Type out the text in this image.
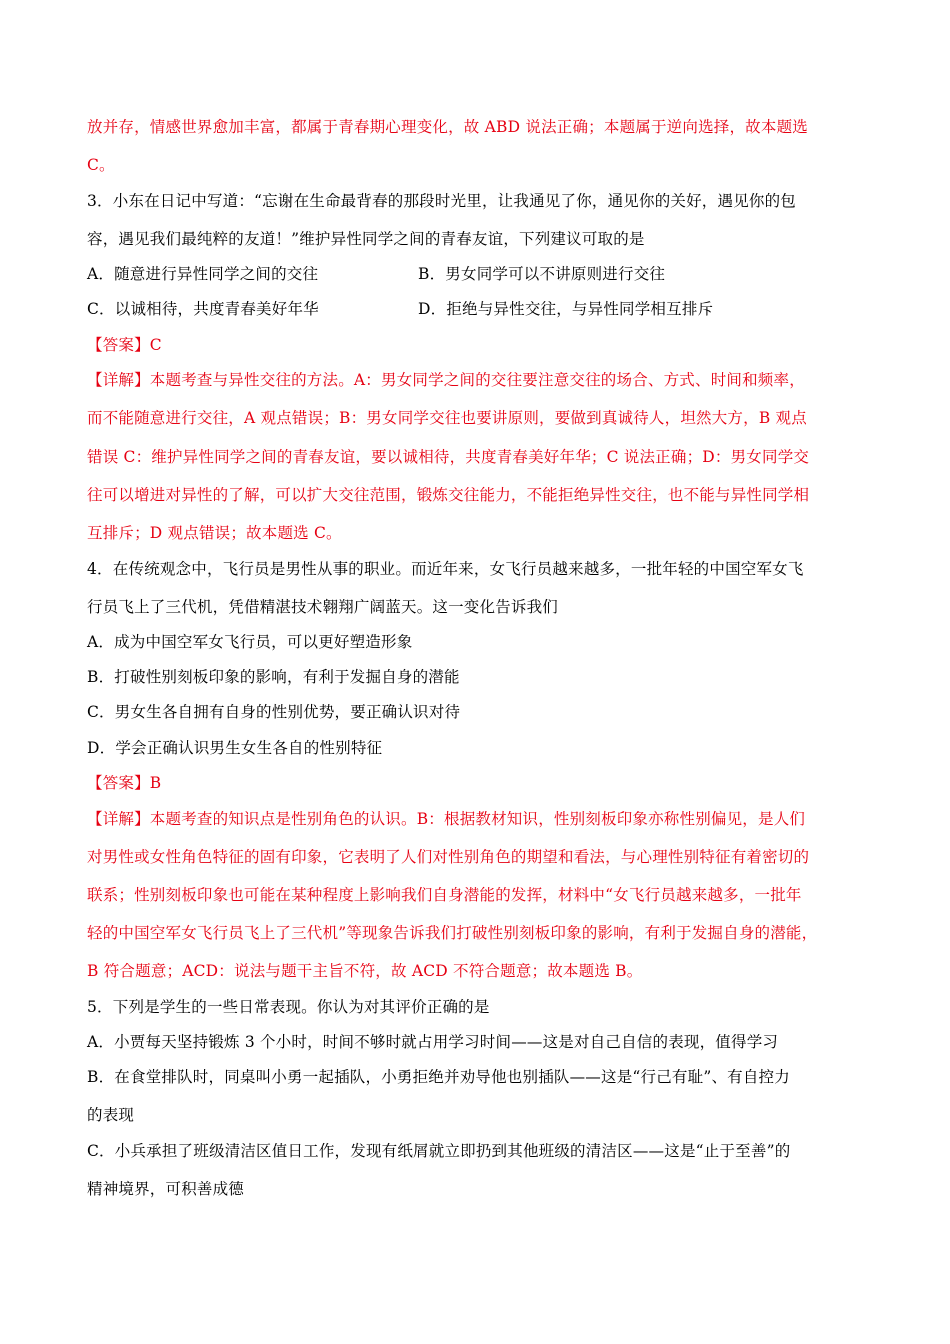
放并存，情感世界愈加丰富，都属于青春期心理变化，故 ABD 说法正确；本题属于逆向选择，故本题选
C。
3．小东在日记中写道：“忘谢在生命最背春的那段时光里，让我通见了你，通见你的关好，遇见你的包
容，遇见我们最纯粹的友道！”维护异性同学之间的青春友谊，下列建议可取的是
A．随意进行异性同学之间的交往	B．男女同学可以不讲原则进行交往
C．以诚相待，共度青春美好年华	D．拒绝与异性交往，与异性同学相互排斥
【答案】C
【详解】本题考查与异性交往的方法。A：男女同学之间的交往要注意交往的场合、方式、时间和频率，
而不能随意进行交往，A 观点错误；B：男女同学交往也要讲原则，要做到真诚待人，坦然大方，B 观点
错误 C：维护异性同学之间的青春友谊，要以诚相待，共度青春美好年华；C 说法正确；D：男女同学交
往可以增进对异性的了解，可以扩大交往范围，锻炼交往能力，不能拒绝异性交往，也不能与异性同学相
互排斥；D 观点错误；故本题选 C。
4．在传统观念中，飞行员是男性从事的职业。而近年来，女飞行员越来越多，一批年轻的中国空军女飞
行员飞上了三代机，凭借精湛技术翱翔广阔蓝天。这一变化告诉我们
A．成为中国空军女飞行员，可以更好塑造形象
B．打破性别刻板印象的影响，有利于发掘自身的潜能
C．男女生各自拥有自身的性别优势，要正确认识对待
D．学会正确认识男生女生各自的性别特征
【答案】B
【详解】本题考查的知识点是性别角色的认识。B：根据教材知识，性别刻板印象亦称性别偏见，是人们
对男性或女性角色特征的固有印象，它表明了人们对性别角色的期望和看法，与心理性别特征有着密切的
联系；性别刻板印象也可能在某种程度上影响我们自身潜能的发挥，材料中“女飞行员越来越多，一批年
轻的中国空军女飞行员飞上了三代机”等现象告诉我们打破性别刻板印象的影响，有利于发掘自身的潜能，
B 符合题意；ACD：说法与题干主旨不符，故 ACD 不符合题意；故本题选 B。
5．下列是学生的一些日常表现。你认为对其评价正确的是
A．小贾每天坚持锻炼 3 个小时，时间不够时就占用学习时间——这是对自己自信的表现，值得学习
B．在食堂排队时，同桌叫小勇一起插队，小勇拒绝并劝导他也别插队——这是“行己有耻”、有自控力
的表现
C．小兵承担了班级清洁区值日工作，发现有纸屑就立即扔到其他班级的清洁区——这是“止于至善”的
精神境界，可积善成德
